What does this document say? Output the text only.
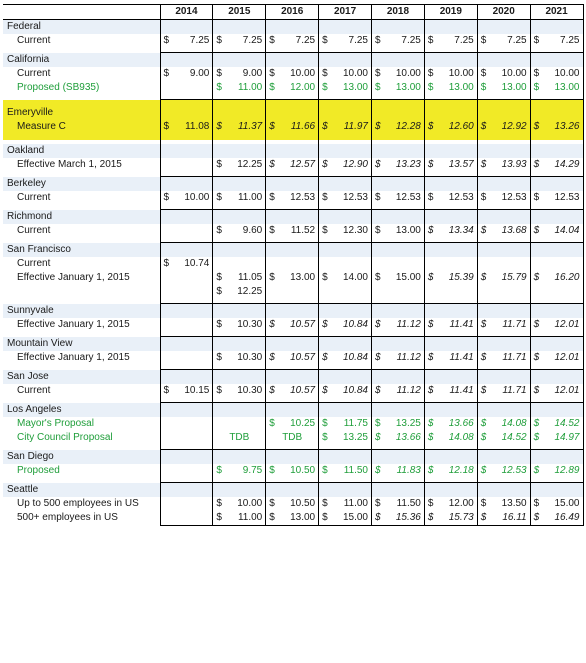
	2014	2015	2016	2017	2018	2019	2020	2021
Federal								
Current	$ 7.25	$ 7.25	$ 7.25	$ 7.25	$ 7.25	$ 7.25	$ 7.25	$ 7.25

California								
Current	$ 9.00	$ 9.00	$ 10.00	$ 10.00	$ 10.00	$ 10.00	$ 10.00	$ 10.00

Proposed (SB935)		$ 11.00	$ 12.00	$ 13.00	$ 13.00	$ 13.00	$ 13.00	$ 13.00

Emeryville								
Measure C	$ 11.08	$ 11.37	$ 11.66	$ 11.97	$ 12.28	$ 12.60	$ 12.92	$ 13.26

Oakland								
Effective March 1, 2015		$ 12.25	$ 12.57	$ 12.90	$ 13.23	$ 13.57	$ 13.93	$ 14.29

Berkeley								
Current	$ 10.00	$ 11.00	$ 12.53	$ 12.53	$ 12.53	$ 12.53	$ 12.53	$ 12.53

Richmond								
Current		$ 9.60	$ 11.52	$ 12.30	$ 13.00	$ 13.34	$ 13.68	$ 14.04

San Francisco								
Current	$ 10.74							

Effective January 1, 2015		$ 11.05	$ 13.00	$ 14.00	$ 15.00	$ 15.39	$ 15.79	$ 16.20

		$ 12.25						

Sunnyvale								
Effective January 1, 2015		$ 10.30	$ 10.57	$ 10.84	$ 11.12	$ 11.41	$ 11.71	$ 12.01

Mountain View								
Effective January 1, 2015		$ 10.30	$ 10.57	$ 10.84	$ 11.12	$ 11.41	$ 11.71	$ 12.01

San Jose								
Current	$ 10.15	$ 10.30	$ 10.57	$ 10.84	$ 11.12	$ 11.41	$ 11.71	$ 12.01

Los Angeles								
Mayor's Proposal			$ 10.25	$ 11.75	$ 13.25	$ 13.66	$ 14.08	$ 14.52

City Council Proposal		TDB	TDB	$ 13.25	$ 13.66	$ 14.08	$ 14.52	$ 14.97

San Diego								
Proposed		$ 9.75	$ 10.50	$ 11.50	$ 11.83	$ 12.18	$ 12.53	$ 12.89

Seattle								
Up to 500 employees in US		$ 10.00	$ 10.50	$ 11.00	$ 11.50	$ 12.00	$ 13.50	$ 15.00

500+ employees in US		$ 11.00	$ 13.00	$ 15.00	$ 15.36	$ 15.73	$ 16.11	$ 16.49
